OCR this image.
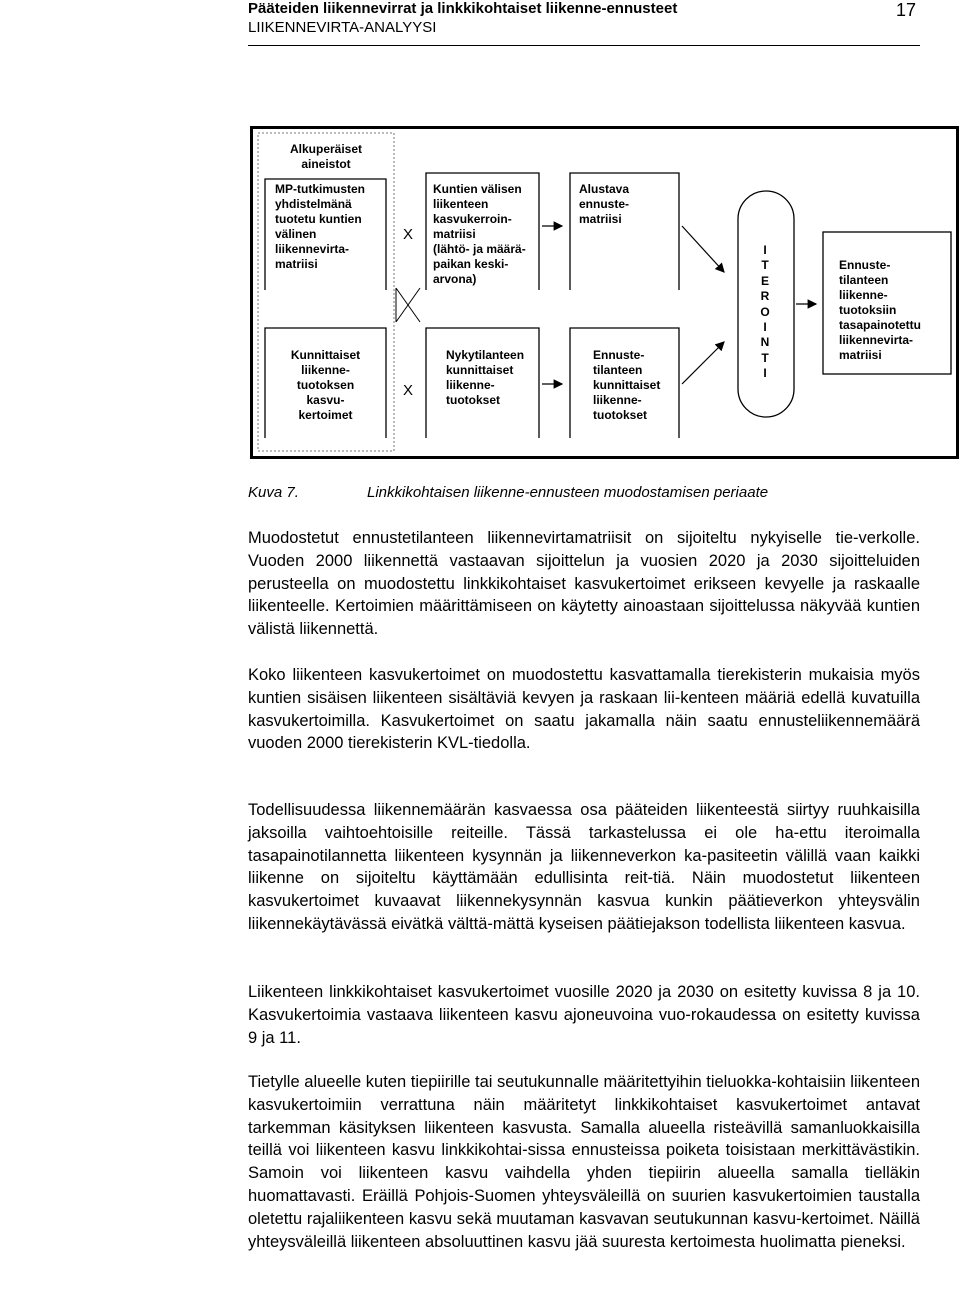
Pääteiden liikennevirrat ja linkkikohtaiset liikenne-ennusteet
LIIKENNEVIRTA-ANALYYSI
17
Alkuperäiset
aineistot
MP-tutkimusten
yhdistelmänä
tuotetu kuntien
välinen
liikennevirta-
matriisi
Kunnittaiset
liikenne-
tuotoksen
kasvu-
kertoimet
X
X
Kuntien välisen
liikenteen
kasvukerroin-
matriisi
(lähtö- ja määrä-
paikan keski-
arvona)
Nykytilanteen
kunnittaiset
liikenne-
tuotokset
Alustava
ennuste-
matriisi
Ennuste-
tilanteen
kunnittaiset
liikenne-
tuotokset
I
T
E
R
O
I
N
T
I
Ennuste-
tilanteen
liikenne-
tuotoksiin
tasapainotettu
liikennevirta-
matriisi
Kuva 7.	Linkkikohtaisen liikenne-ennusteen muodostamisen periaate

Muodostetut ennustetilanteen liikennevirtamatriisit on sijoiteltu nykyiselle tie-verkolle. Vuoden 2000 liikennettä vastaavan sijoittelun ja vuosien 2020 ja 2030 sijoitteluiden perusteella on muodostettu linkkikohtaiset kasvukertoimet erikseen kevyelle ja raskaalle liikenteelle. Kertoimien määrittämiseen on käytetty ainoastaan sijoittelussa näkyvää kuntien välistä liikennettä.

Koko liikenteen kasvukertoimet on muodostettu kasvattamalla tierekisterin mukaisia myös kuntien sisäisen liikenteen sisältäviä kevyen ja raskaan lii-kenteen määriä edellä kuvatuilla kasvukertoimilla. Kasvukertoimet on saatu jakamalla näin saatu ennusteliikennemäärä vuoden 2000 tierekisterin KVL-tiedolla.

Todellisuudessa liikennemäärän kasvaessa osa pääteiden liikenteestä siirtyy ruuhkaisilla jaksoilla vaihtoehtoisille reiteille. Tässä tarkastelussa ei ole ha-ettu iteroimalla tasapainotilannetta liikenteen kysynnän ja liikenneverkon ka-pasiteetin välillä vaan kaikki liikenne on sijoiteltu käyttämään edullisinta reit-tiä. Näin muodostetut liikenteen kasvukertoimet kuvaavat liikennekysynnän kasvua kunkin päätieverkon yhteysvälin liikennekäytävässä eivätkä välttä-mättä kyseisen päätiejakson todellista liikenteen kasvua.

Liikenteen linkkikohtaiset kasvukertoimet vuosille 2020 ja 2030 on esitetty kuvissa 8 ja 10. Kasvukertoimia vastaava liikenteen kasvu ajoneuvoina vuo-rokaudessa on esitetty kuvissa 9 ja 11.

Tietylle alueelle kuten tiepiirille tai seutukunnalle määritettyihin tieluokka-kohtaisiin liikenteen kasvukertoimiin verrattuna näin määritetyt linkkikohtaiset kasvukertoimet antavat tarkemman käsityksen liikenteen kasvusta. Samalla alueella risteävillä samanluokkaisilla teillä voi liikenteen kasvu linkkikohtai-sissa ennusteissa poiketa toisistaan merkittävästikin. Samoin voi liikenteen kasvu vaihdella yhden tiepiirin alueella samalla tielläkin huomattavasti. Eräillä Pohjois-Suomen yhteysväleillä on suurien kasvukertoimien taustalla oletettu rajaliikenteen kasvu sekä muutaman kasvavan seutukunnan kasvu-kertoimet. Näillä yhteysväleillä liikenteen absoluuttinen kasvu jää suuresta kertoimesta huolimatta pieneksi.
